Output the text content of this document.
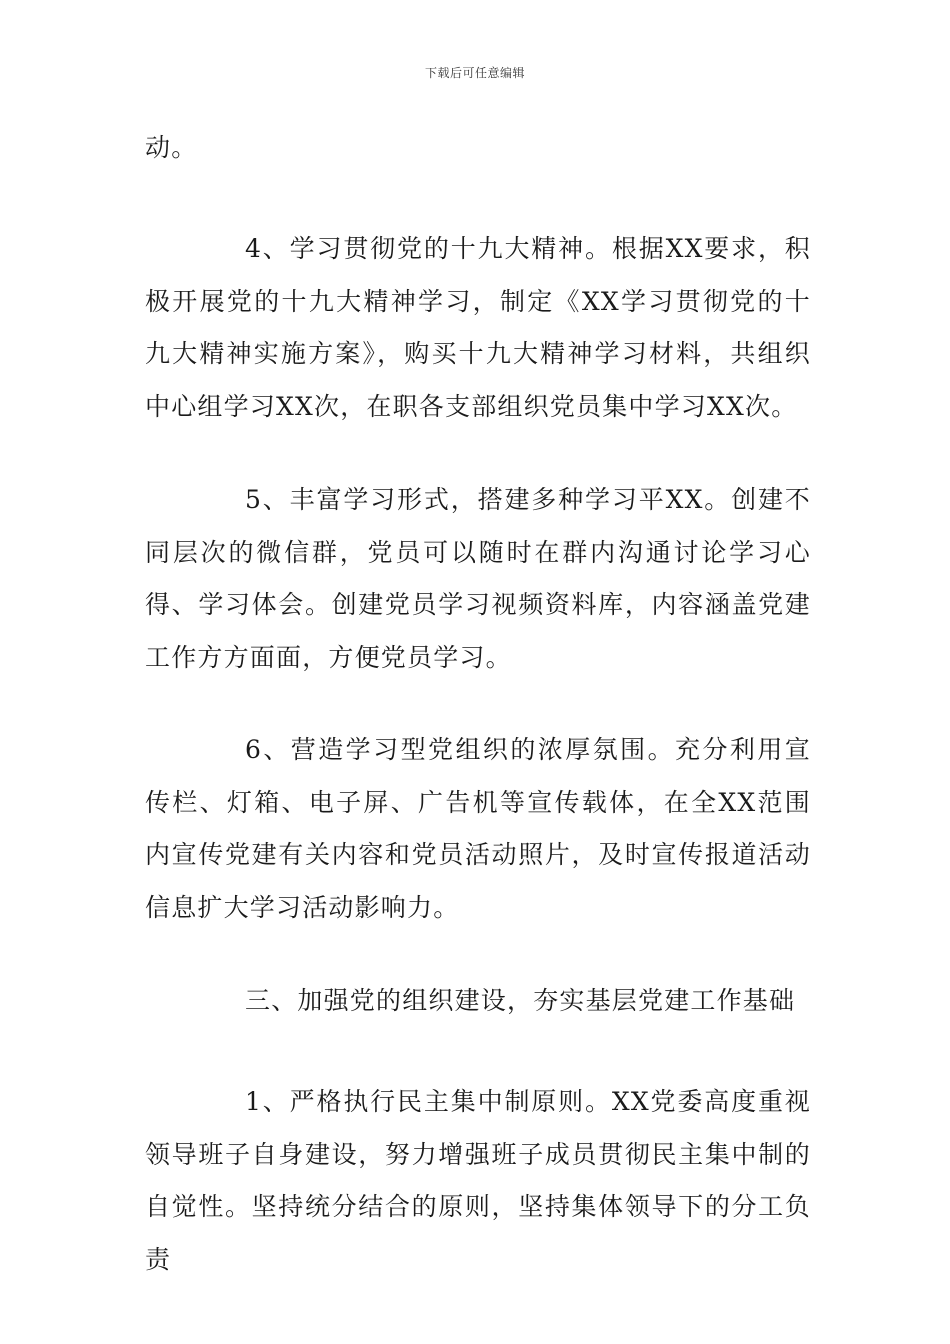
下载后可任意编辑

动。

4、学习贯彻党的十九大精神。根据XX要求，积极开展党的十九大精神学习，制定《XX学习贯彻党的十九大精神实施方案》，购买十九大精神学习材料，共组织中心组学习XX次，在职各支部组织党员集中学习XX次。

5、丰富学习形式，搭建多种学习平XX。创建不同层次的微信群，党员可以随时在群内沟通讨论学习心得、学习体会。创建党员学习视频资料库，内容涵盖党建工作方方面面，方便党员学习。

6、营造学习型党组织的浓厚氛围。充分利用宣传栏、灯箱、电子屏、广告机等宣传载体，在全XX范围内宣传党建有关内容和党员活动照片，及时宣传报道活动信息扩大学习活动影响力。

三、加强党的组织建设，夯实基层党建工作基础

1、严格执行民主集中制原则。XX党委高度重视领导班子自身建设，努力增强班子成员贯彻民主集中制的自觉性。坚持统分结合的原则，坚持集体领导下的分工负责
